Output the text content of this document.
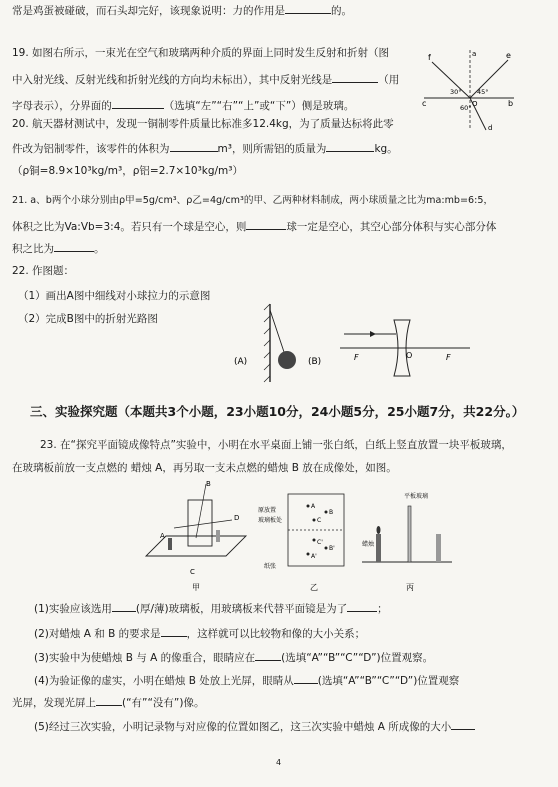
常是鸡蛋被碰破，而石头却完好，该现象说明：力的作用是	的。
19. 如图右所示，一束光在空气和玻璃两种介质的界面上同时发生反射和折射（图
中入射光线、反射光线和折射光线的方向均未标出），其中反射光线是	（用
字母表示），分界面的	（选填“左”“右”“上”或“下”）侧是玻璃。
20. 航天器材测试中，发现一铜制零件质量比标准多12.4kg，为了质量达标将此零
件改为铝制零件，该零件的体积为	m³，则所需铝的质量为	kg。
（ρ铜=8.9×10³kg/m³，ρ铝=2.7×10³kg/m³）
21. a、b两个小球分别由ρ甲=5g/cm³、ρ乙=4g/cm³的甲、乙两种材料制成，两小球质量之比为ma:mb=6:5，
体积之比为Va:Vb=3:4。若只有一个球是空心，则	球一定是空心，其空心部分体积与实心部分体
积之比为	。
22. 作图题：
（1）画出A图中细线对小球拉力的示意图
（2）完成B图中的折射光路图
三、实验探究题（本题共3个小题，23小题10分，24小题5分，25小题7分，共22分。）
23. 在“探究平面镜成像特点”实验中，小明在水平桌面上铺一张白纸，白纸上竖直放置一块平板玻璃，
在玻璃板前放一支点燃的 蜡烛 A，再另取一支未点燃的蜡烛 B 放在成像处，如图。
(1)实验应该选用 (厚/薄)玻璃板，用玻璃板来代替平面镜是为了	；
(2)对蜡烛 A 和 B 的要求是 ，这样就可以比较物和像的大小关系；
(3)实验中为使蜡烛 B 与 A 的像重合，眼睛应在 (选填“A”“B”“C”“D”)位置观察。
(4)为验证像的虚实，小明在蜡烛 B 处放上光屏，眼睛从 (选填“A”“B”“C”“D”)位置观察
光屏，发现光屏上 (“有”“没有”)像。
(5)经过三次实验，小明记录物与对应像的位置如图乙，这三次实验中蜡烛 A 所成像的大小
f	e
c	b
O
a
d
30° 45°
60°
(A)	(B)	F	O	F
A
B
C
D
甲
A
B
C
A'
B'
C'
原放置
玻璃板处
纸张
乙
平板玻璃
蜡烛
丙
4
